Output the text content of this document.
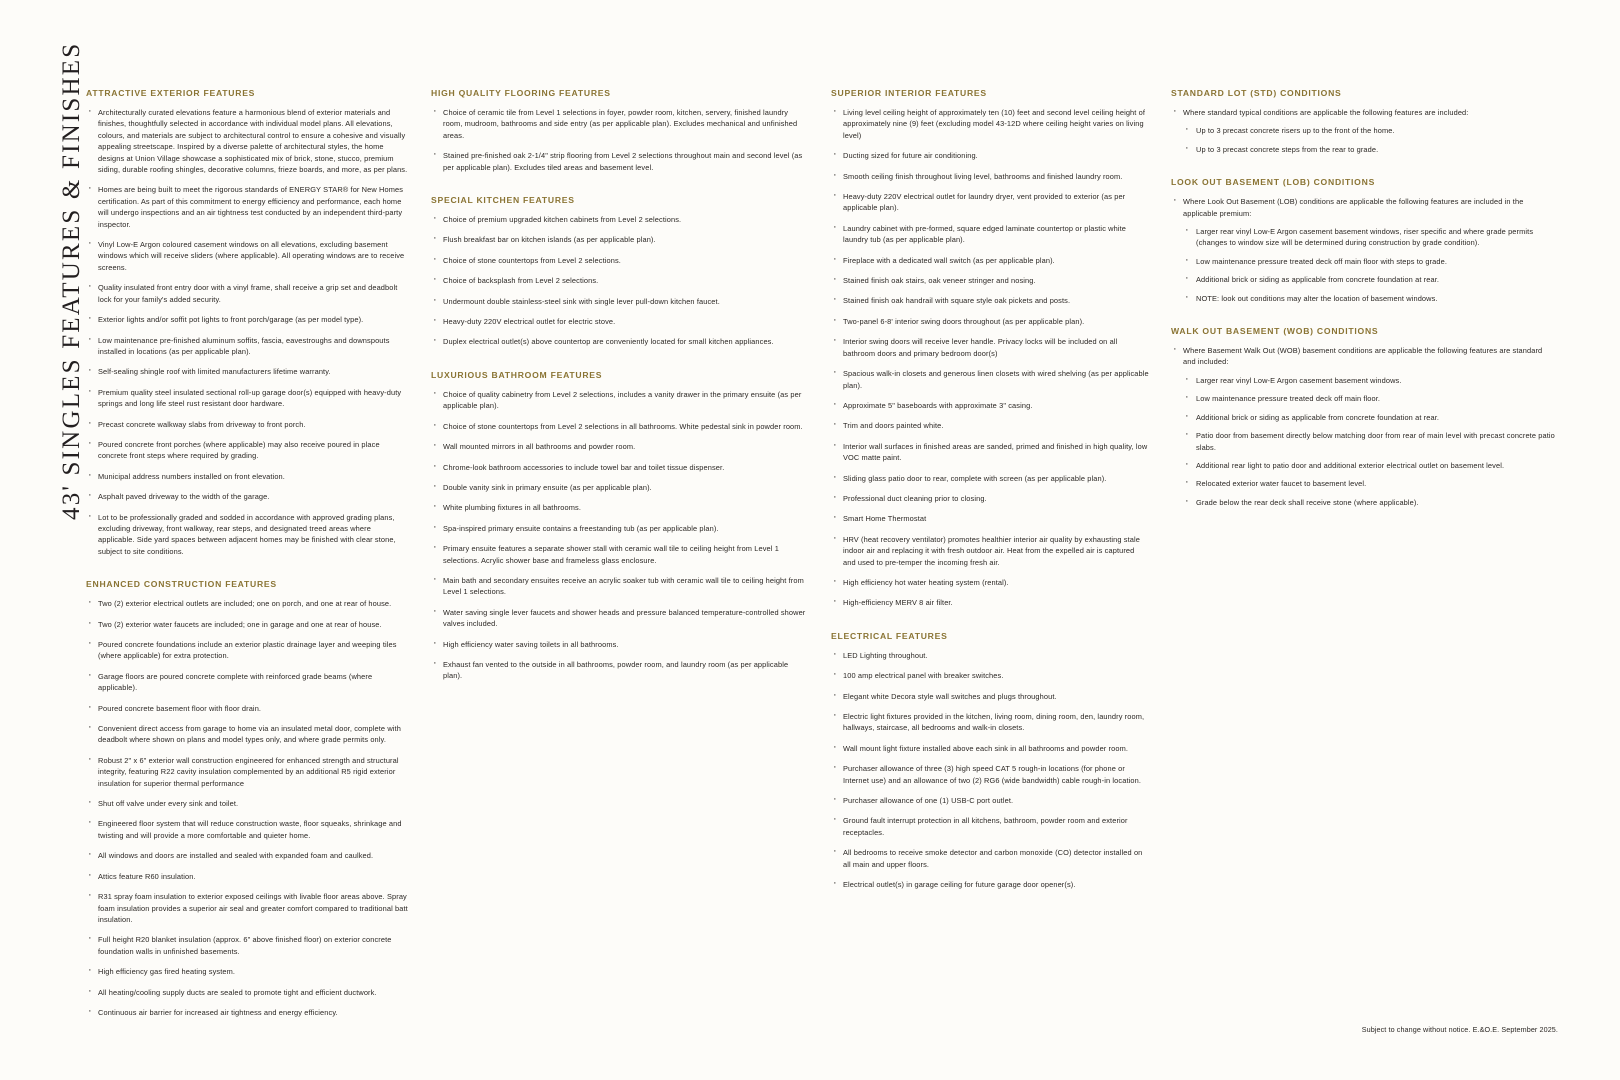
43' SINGLES FEATURES & FINISHES ATTRACTIVE EXTERIOR FEATURES
· Architecturally curated elevations feature a harmonious blend of exterior materials and finishes, thoughtfully selected in accordance with individual model plans. All elevations, colours, and materials are subject to architectural control to ensure a cohesive and visually appealing streetscape. Inspired by a diverse palette of architectural styles, the home designs at Union Village showcase a sophisticated mix of brick, stone, stucco, premium siding, durable roofing shingles, decorative columns, frieze boards, and more, as per plans.
· Homes are being built to meet the rigorous standards of ENERGY STAR® for New Homes certification. As part of this commitment to energy efficiency and performance, each home will undergo inspections and an air tightness test conducted by an independent third-party inspector.
· Vinyl Low-E Argon coloured casement windows on all elevations, excluding basement windows which will receive sliders (where applicable). All operating windows are to receive screens.
· Quality insulated front entry door with a vinyl frame, shall receive a grip set and deadbolt lock for your family's added security.
· Exterior lights and/or soffit pot lights to front porch/garage (as per model type).
· Low maintenance pre-finished aluminum soffits, fascia, eavestroughs and downspouts installed in locations (as per applicable plan).
· Self-sealing shingle roof with limited manufacturers lifetime warranty.
· Premium quality steel insulated sectional roll-up garage door(s) equipped with heavy-duty springs and long life steel rust resistant door hardware.
· Precast concrete walkway slabs from driveway to front porch.
· Poured concrete front porches (where applicable) may also receive poured in place concrete front steps where required by grading.
· Municipal address numbers installed on front elevation.
· Asphalt paved driveway to the width of the garage.
· Lot to be professionally graded and sodded in accordance with approved grading plans, excluding driveway, front walkway, rear steps, and designated treed areas where applicable. Side yard spaces between adjacent homes may be finished with clear stone, subject to site conditions.
ENHANCED CONSTRUCTION FEATURES
· Two (2) exterior electrical outlets are included; one on porch, and one at rear of house.
· Two (2) exterior water faucets are included; one in garage and one at rear of house.
· Poured concrete foundations include an exterior plastic drainage layer and weeping tiles (where applicable) for extra protection.
· Garage floors are poured concrete complete with reinforced grade beams (where applicable).
· Poured concrete basement floor with floor drain.
· Convenient direct access from garage to home via an insulated metal door, complete with deadbolt where shown on plans and model types only, and where grade permits only.
· Robust 2" x 6" exterior wall construction engineered for enhanced strength and structural integrity, featuring R22 cavity insulation complemented by an additional R5 rigid exterior insulation for superior thermal performance
· Shut off valve under every sink and toilet.
· Engineered floor system that will reduce construction waste, floor squeaks, shrinkage and twisting and will provide a more comfortable and quieter home.
· All windows and doors are installed and sealed with expanded foam and caulked.
· Attics feature R60 insulation.
· R31 spray foam insulation to exterior exposed ceilings with livable floor areas above. Spray foam insulation provides a superior air seal and greater comfort compared to traditional batt insulation.
· Full height R20 blanket insulation (approx. 6" above finished floor) on exterior concrete foundation walls in unfinished basements.
· High efficiency gas fired heating system.
· All heating/cooling supply ducts are sealed to promote tight and efficient ductwork.
· Continuous air barrier for increased air tightness and energy efficiency.
HIGH QUALITY FLOORING FEATURES
· Choice of ceramic tile from Level 1 selections in foyer, powder room, kitchen, servery, finished laundry room, mudroom, bathrooms and side entry (as per applicable plan). Excludes mechanical and unfinished areas.
· Stained pre-finished oak 2-1/4" strip flooring from Level 2 selections throughout main and second level (as per applicable plan). Excludes tiled areas and basement level.
SPECIAL KITCHEN FEATURES
· Choice of premium upgraded kitchen cabinets from Level 2 selections.
· Flush breakfast bar on kitchen islands (as per applicable plan).
· Choice of stone countertops from Level 2 selections.
· Choice of backsplash from Level 2 selections.
· Undermount double stainless-steel sink with single lever pull-down kitchen faucet.
· Heavy-duty 220V electrical outlet for electric stove.
· Duplex electrical outlet(s) above countertop are conveniently located for small kitchen appliances.
LUXURIOUS BATHROOM FEATURES
· Choice of quality cabinetry from Level 2 selections, includes a vanity drawer in the primary ensuite (as per applicable plan).
· Choice of stone countertops from Level 2 selections in all bathrooms. White pedestal sink in powder room.
· Wall mounted mirrors in all bathrooms and powder room.
· Chrome-look bathroom accessories to include towel bar and toilet tissue dispenser.
· Double vanity sink in primary ensuite (as per applicable plan).
· White plumbing fixtures in all bathrooms.
· Spa-inspired primary ensuite contains a freestanding tub (as per applicable plan).
· Primary ensuite features a separate shower stall with ceramic wall tile to ceiling height from Level 1 selections. Acrylic shower base and frameless glass enclosure.
· Main bath and secondary ensuites receive an acrylic soaker tub with ceramic wall tile to ceiling height from Level 1 selections.
· Water saving single lever faucets and shower heads and pressure balanced temperature-controlled shower valves included.
· High efficiency water saving toilets in all bathrooms.
· Exhaust fan vented to the outside in all bathrooms, powder room, and laundry room (as per applicable plan).
SUPERIOR INTERIOR FEATURES
· Living level ceiling height of approximately ten (10) feet and second level ceiling height of approximately nine (9) feet (excluding model 43-12D where ceiling height varies on living level)
· Ducting sized for future air conditioning.
· Smooth ceiling finish throughout living level, bathrooms and finished laundry room.
· Heavy-duty 220V electrical outlet for laundry dryer, vent provided to exterior (as per applicable plan).
· Laundry cabinet with pre-formed, square edged laminate countertop or plastic white laundry tub (as per applicable plan).
· Fireplace with a dedicated wall switch (as per applicable plan).
· Stained finish oak stairs, oak veneer stringer and nosing.
· Stained finish oak handrail with square style oak pickets and posts.
· Two-panel 6-8' interior swing doors throughout (as per applicable plan).
· Interior swing doors will receive lever handle. Privacy locks will be included on all bathroom doors and primary bedroom door(s)
· Spacious walk-in closets and generous linen closets with wired shelving (as per applicable plan).
· Approximate 5" baseboards with approximate 3" casing.
· Trim and doors painted white.
· Interior wall surfaces in finished areas are sanded, primed and finished in high quality, low VOC matte paint.
· Sliding glass patio door to rear, complete with screen (as per applicable plan).
· Professional duct cleaning prior to closing.
· Smart Home Thermostat
· HRV (heat recovery ventilator) promotes healthier interior air quality by exhausting stale indoor air and replacing it with fresh outdoor air. Heat from the expelled air is captured and used to pre-temper the incoming fresh air.
· High efficiency hot water heating system (rental).
· High-efficiency MERV 8 air filter.
ELECTRICAL FEATURES
· LED Lighting throughout.
· 100 amp electrical panel with breaker switches.
· Elegant white Decora style wall switches and plugs throughout.
· Electric light fixtures provided in the kitchen, living room, dining room, den, laundry room, hallways, staircase, all bedrooms and walk-in closets.
· Wall mount light fixture installed above each sink in all bathrooms and powder room.
· Purchaser allowance of three (3) high speed CAT 5 rough-in locations (for phone or Internet use) and an allowance of two (2) RG6 (wide bandwidth) cable rough-in location.
· Purchaser allowance of one (1) USB-C port outlet.
· Ground fault interrupt protection in all kitchens, bathroom, powder room and exterior receptacles.
· All bedrooms to receive smoke detector and carbon monoxide (CO) detector installed on all main and upper floors.
· Electrical outlet(s) in garage ceiling for future garage door opener(s).
STANDARD LOT (STD) CONDITIONS
· Where standard typical conditions are applicable the following features are included:
· Up to 3 precast concrete risers up to the front of the home.
· Up to 3 precast concrete steps from the rear to grade.
LOOK OUT BASEMENT (LOB) CONDITIONS
· Where Look Out Basement (LOB) conditions are applicable the following features are included in the applicable premium:
· Larger rear vinyl Low-E Argon casement basement windows, riser specific and where grade permits (changes to window size will be determined during construction by grade condition).
· Low maintenance pressure treated deck off main floor with steps to grade.
· Additional brick or siding as applicable from concrete foundation at rear.
· NOTE: look out conditions may alter the location of basement windows.
WALK OUT BASEMENT (WOB) CONDITIONS
· Where Basement Walk Out (WOB) basement conditions are applicable the following features are standard and included:
· Larger rear vinyl Low-E Argon casement basement windows.
· Low maintenance pressure treated deck off main floor.
· Additional brick or siding as applicable from concrete foundation at rear.
· Patio door from basement directly below matching door from rear of main level with precast concrete patio slabs.
· Additional rear light to patio door and additional exterior electrical outlet on basement level.
· Relocated exterior water faucet to basement level.
· Grade below the rear deck shall receive stone (where applicable).
Subject to change without notice. E.&O.E. September 2025.
